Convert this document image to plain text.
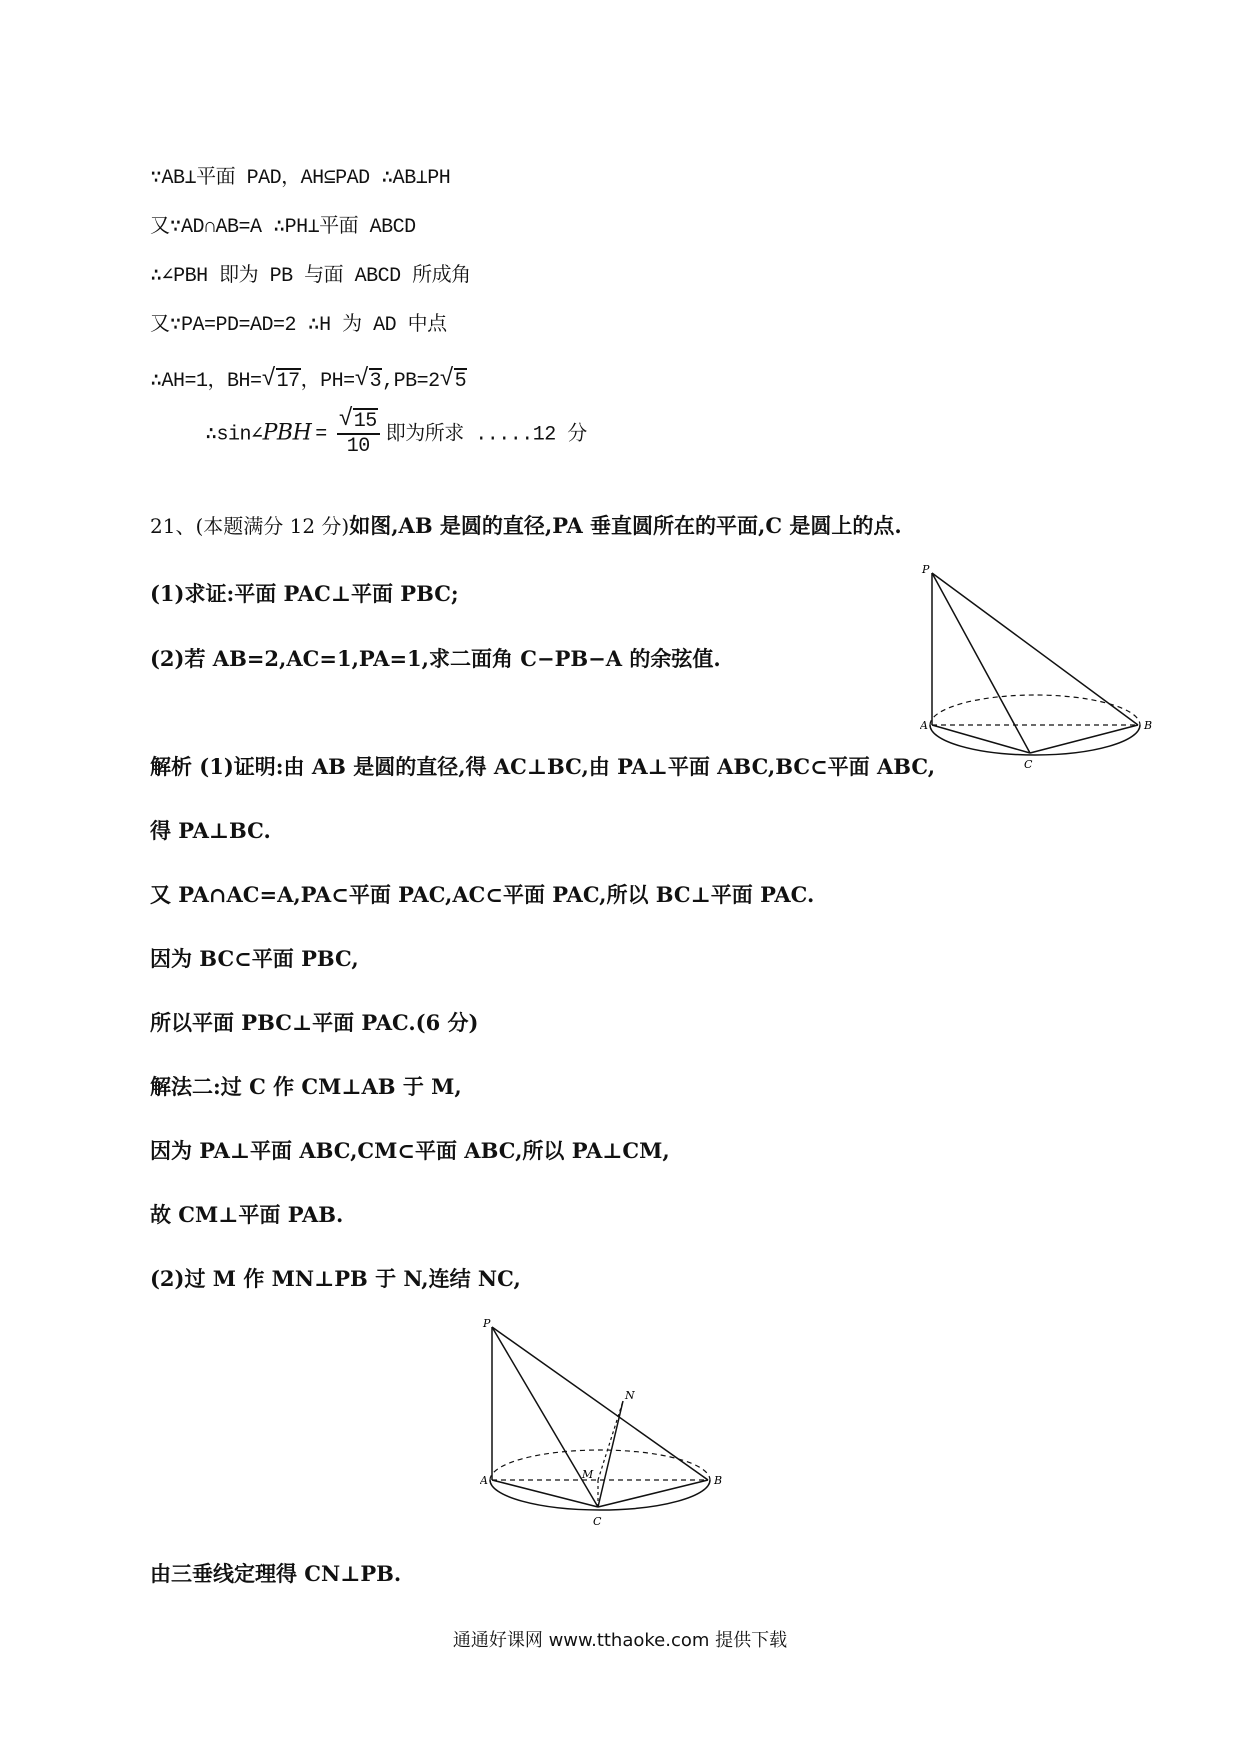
∵AB⊥平面 PAD，AH⊆PAD ∴AB⊥PH
又∵AD∩AB=A ∴PH⊥平面 ABCD
∴∠PBH 即为 PB 与面 ABCD 所成角
又∵PA=PD=AD=2 ∴H 为 AD 中点
∴AH=1，BH= √ 17，PH= √ 3,PB=2 √ 5
∴sin∠PBH = $\frac{√ 15}{10}$ 即为所求 .....12 分
21、(本题满分 12 分)如图,AB 是圆的直径,PA 垂直圆所在的平面,C 是圆上的点.
(1)求证:平面 PAC⊥平面 PBC;
(2)若 AB=2,AC=1,PA=1,求二面角 C−PB−A 的余弦值.
P
A	B
C
解析 (1)证明:由 AB 是圆的直径,得 AC⊥BC,由 PA⊥平面 ABC,BC⊂平面 ABC,
得 PA⊥BC.
又 PA∩AC=A,PA⊂平面 PAC,AC⊂平面 PAC,所以 BC⊥平面 PAC.
因为 BC⊂平面 PBC,
所以平面 PBC⊥平面 PAC.(6 分)
解法二:过 C 作 CM⊥AB 于 M,
因为 PA⊥平面 ABC,CM⊂平面 ABC,所以 PA⊥CM,
故 CM⊥平面 PAB.
(2)过 M 作 MN⊥PB 于 N,连结 NC,
P
A	B
C
M
N
由三垂线定理得 CN⊥PB.
通通好课网 www.tthaoke.com 提供下载
